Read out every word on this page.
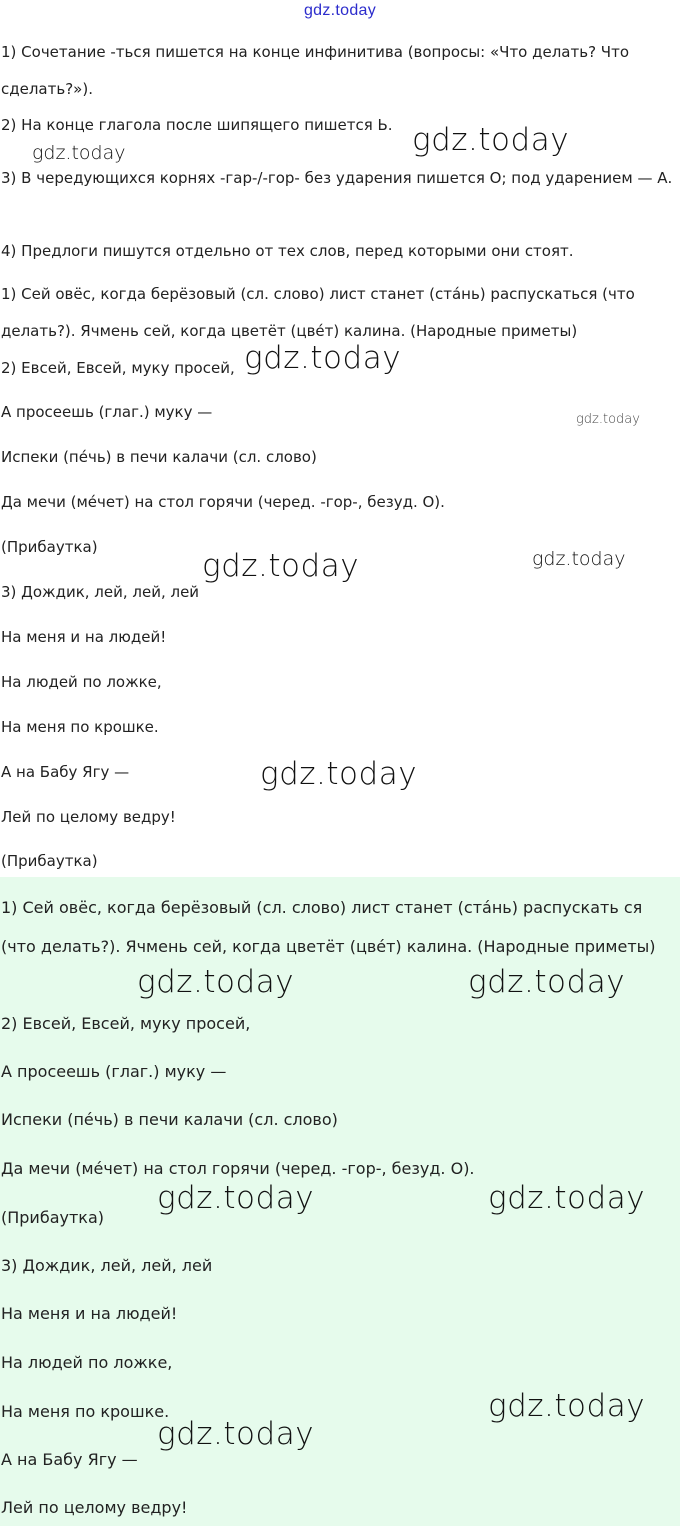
gdz.today
1) Сочетание -ться пишется на конце инфинитива (вопросы: «Что делать? Что сделать?»).
2) На конце глагола после шипящего пишется Ь.
3) В чередующихся корнях -гар-/-гор- без ударения пишется О; под ударением — А.
4) Предлоги пишутся отдельно от тех слов, перед которыми они стоят.
1) Сей овёс, когда берёзовый (сл. слово) лист станет (стáнь) распускаться (что делать?). Ячмень сей, когда цветёт (цвéт) калина. (Народные приметы)
2) Евсей, Евсей, муку просей,
А просеешь (глаг.) муку —
Испеки (пéчь) в печи калачи (сл. слово)
Да мечи (мéчет) на стол горячи (черед. -гор-, безуд. О).
(Прибаутка)
3) Дождик, лей, лей, лей
На меня и на людей!
На людей по ложке,
На меня по крошке.
А на Бабу Ягу —
Лей по целому ведру!
(Прибаутка)
1) Сей овёс, когда берёзовый (сл. слово) лист станет (стáнь) распускать ся (что делать?). Ячмень сей, когда цветёт (цвéт) калина. (Народные приметы)
2) Евсей, Евсей, муку просей,
А просеешь (глаг.) муку —
Испеки (пéчь) в печи калачи (сл. слово)
Да мечи (мéчет) на стол горячи (черед. -гор-, безуд. О).
(Прибаутка)
3) Дождик, лей, лей, лей
На меня и на людей!
На людей по ложке,
На меня по крошке.
А на Бабу Ягу —
Лей по целому ведру!
gdz.today	gdz.today
gdz.today
gdz.today
gdz.today	gdz.today
gdz.today
gdz.today	gdz.today
gdz.today	gdz.today
gdz.today
gdz.today
